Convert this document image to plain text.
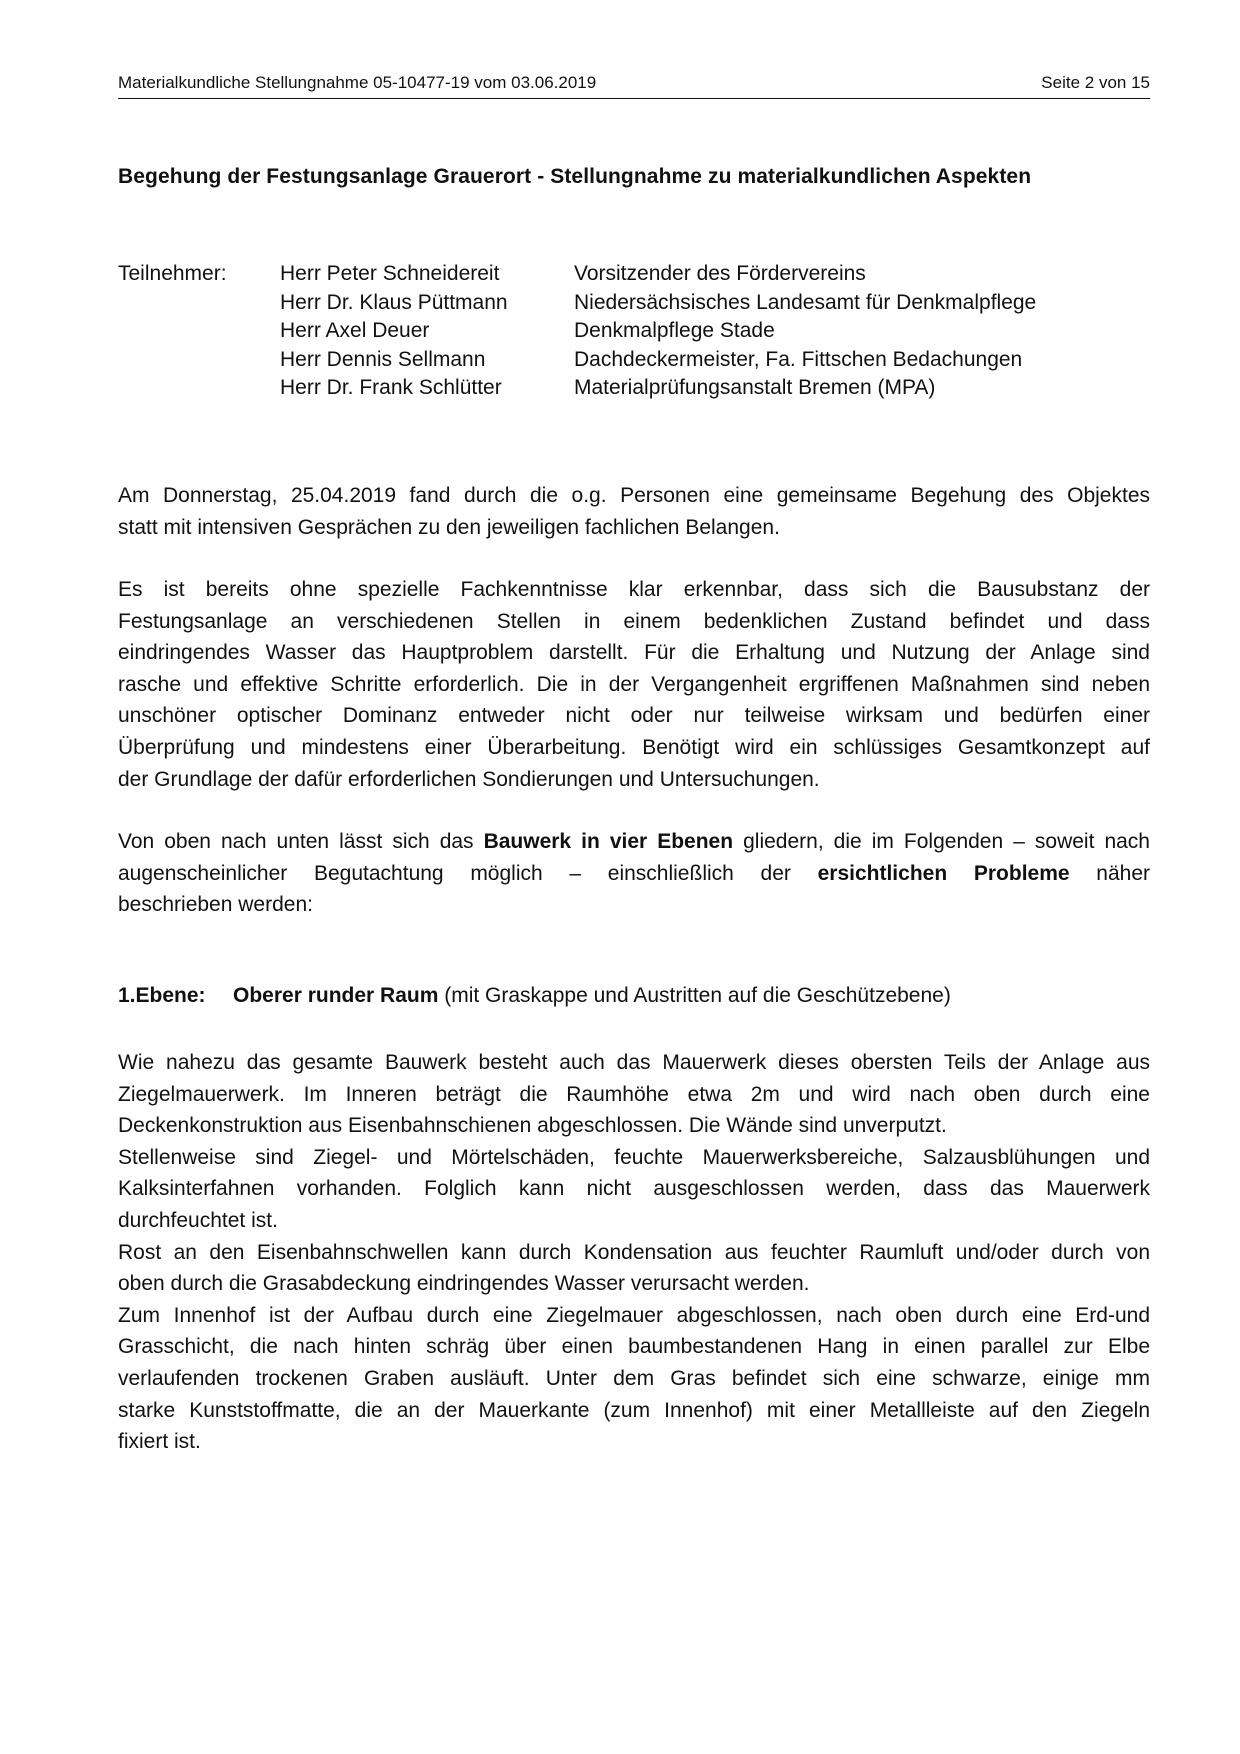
Materialkundliche Stellungnahme 05-10477-19 vom 03.06.2019	Seite 2 von 15
Begehung der Festungsanlage Grauerort - Stellungnahme zu materialkundlichen Aspekten
Teilnehmer:	Herr Peter Schneidereit	Vorsitzender des Fördervereins
Herr Dr. Klaus Püttmann	Niedersächsisches Landesamt für Denkmalpflege
Herr Axel Deuer	Denkmalpflege Stade
Herr Dennis Sellmann	Dachdeckermeister, Fa. Fittschen Bedachungen
Herr Dr. Frank Schlütter	Materialprüfungsanstalt Bremen (MPA)
Am Donnerstag, 25.04.2019 fand durch die o.g. Personen eine gemeinsame Begehung des Objektes
statt mit intensiven Gesprächen zu den jeweiligen fachlichen Belangen.
Es ist bereits ohne spezielle Fachkenntnisse klar erkennbar, dass sich die Bausubstanz der
Festungsanlage an verschiedenen Stellen in einem bedenklichen Zustand befindet und dass
eindringendes Wasser das Hauptproblem darstellt. Für die Erhaltung und Nutzung der Anlage sind
rasche und effektive Schritte erforderlich. Die in der Vergangenheit ergriffenen Maßnahmen sind neben
unschöner optischer Dominanz entweder nicht oder nur teilweise wirksam und bedürfen einer
Überprüfung und mindestens einer Überarbeitung. Benötigt wird ein schlüssiges Gesamtkonzept auf
der Grundlage der dafür erforderlichen Sondierungen und Untersuchungen.
Von oben nach unten lässt sich das Bauwerk in vier Ebenen gliedern, die im Folgenden – soweit nach
augenscheinlicher Begutachtung möglich – einschließlich der ersichtlichen Probleme näher
beschrieben werden:
1.Ebene: Oberer runder Raum (mit Graskappe und Austritten auf die Geschützebene)
Wie nahezu das gesamte Bauwerk besteht auch das Mauerwerk dieses obersten Teils der Anlage aus
Ziegelmauerwerk. Im Inneren beträgt die Raumhöhe etwa 2m und wird nach oben durch eine
Deckenkonstruktion aus Eisenbahnschienen abgeschlossen. Die Wände sind unverputzt.
Stellenweise sind Ziegel- und Mörtelschäden, feuchte Mauerwerksbereiche, Salzausblühungen und
Kalksinterfahnen vorhanden. Folglich kann nicht ausgeschlossen werden, dass das Mauerwerk
durchfeuchtet ist.
Rost an den Eisenbahnschwellen kann durch Kondensation aus feuchter Raumluft und/oder durch von
oben durch die Grasabdeckung eindringendes Wasser verursacht werden.
Zum Innenhof ist der Aufbau durch eine Ziegelmauer abgeschlossen, nach oben durch eine Erd-und
Grasschicht, die nach hinten schräg über einen baumbestandenen Hang in einen parallel zur Elbe
verlaufenden trockenen Graben ausläuft. Unter dem Gras befindet sich eine schwarze, einige mm
starke Kunststoffmatte, die an der Mauerkante (zum Innenhof) mit einer Metallleiste auf den Ziegeln
fixiert ist.
